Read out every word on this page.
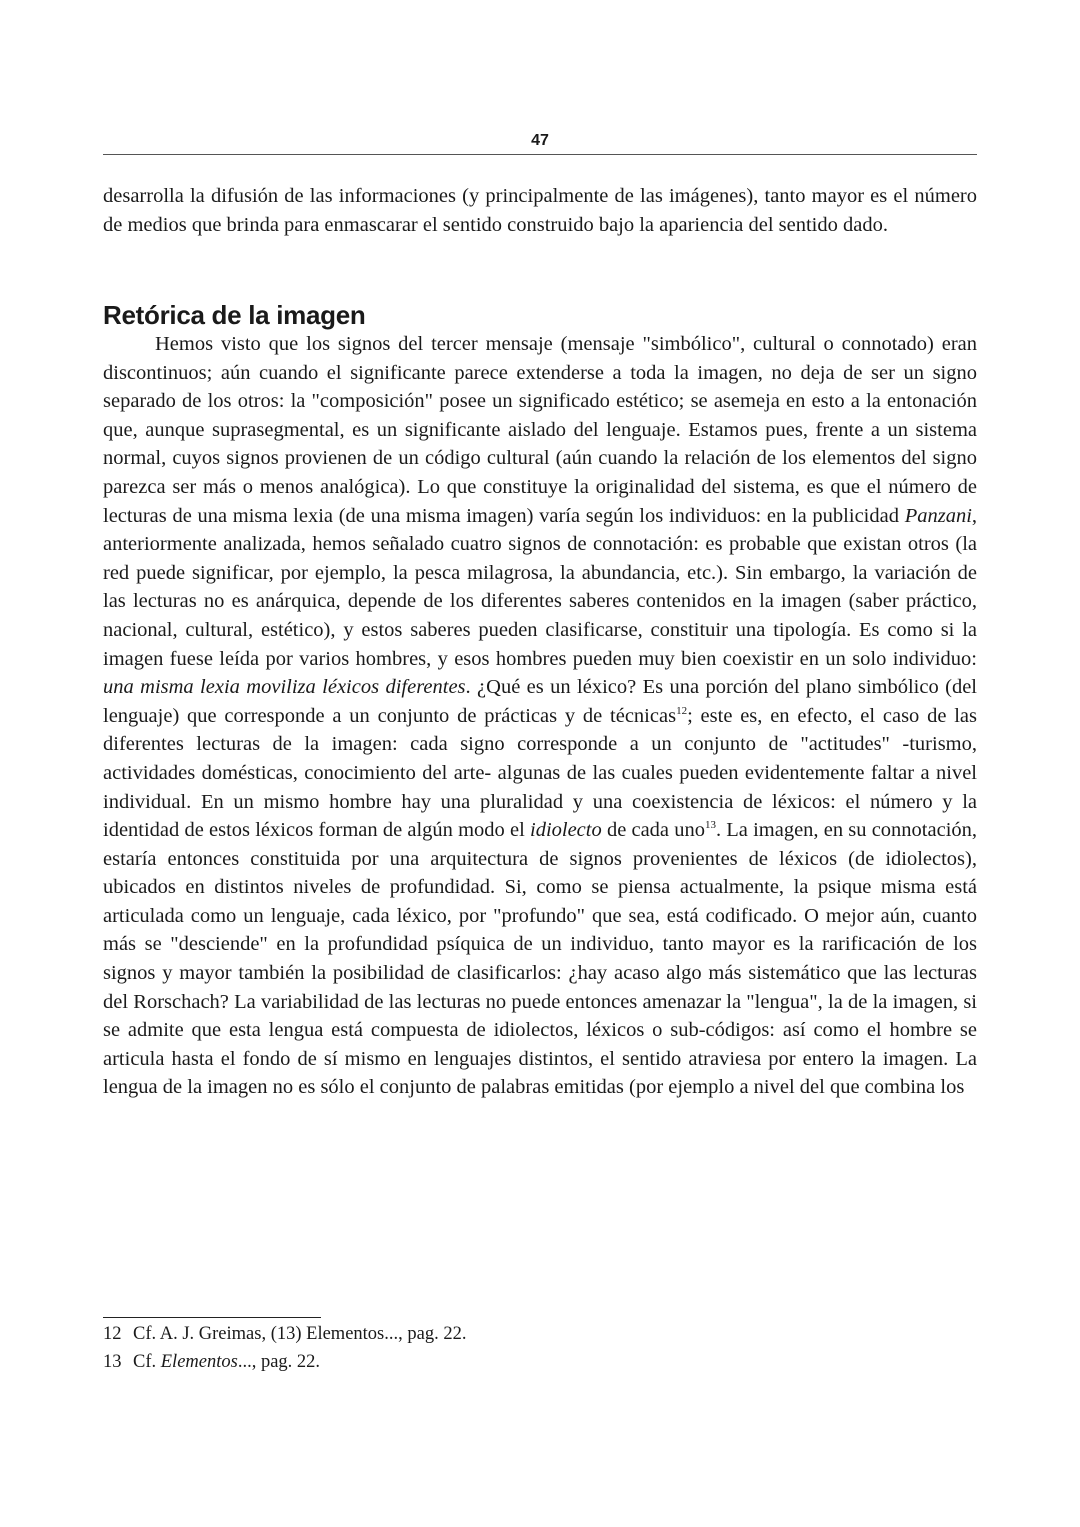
47

desarrolla la difusión de las informaciones (y principalmente de las imágenes), tanto mayor es el número de medios que brinda para enmascarar el sentido construido bajo la apariencia del sentido dado.

Retórica de la imagen

Hemos visto que los signos del tercer mensaje (mensaje "simbólico", cultural o connotado) eran discontinuos; aún cuando el significante parece extenderse a toda la imagen, no deja de ser un signo separado de los otros: la "composición" posee un significado estético; se asemeja en esto a la entonación que, aunque suprasegmental, es un significante aislado del lenguaje. Estamos pues, frente a un sistema normal, cuyos signos provienen de un código cultural (aún cuando la relación de los elementos del signo parezca ser más o menos analógica). Lo que constituye la originalidad del sistema, es que el número de lecturas de una misma lexia (de una misma imagen) varía según los individuos: en la publicidad Panzani, anteriormente analizada, hemos señalado cuatro signos de connotación: es probable que existan otros (la red puede significar, por ejemplo, la pesca milagrosa, la abundancia, etc.). Sin embargo, la variación de las lecturas no es anárquica, depende de los diferentes saberes contenidos en la imagen (saber práctico, nacional, cultural, estético), y estos saberes pueden clasificarse, constituir una tipología. Es como si la imagen fuese leída por varios hombres, y esos hombres pueden muy bien coexistir en un solo individuo: una misma lexia moviliza léxicos diferentes. ¿Qué es un léxico? Es una porción del plano simbólico (del lenguaje) que corresponde a un conjunto de prácticas y de técnicas$^{12}$; este es, en efecto, el caso de las diferentes lecturas de la imagen: cada signo corresponde a un conjunto de "actitudes" -turismo, actividades domésticas, conocimiento del arte- algunas de las cuales pueden evidentemente faltar a nivel individual. En un mismo hombre hay una pluralidad y una coexistencia de léxicos: el número y la identidad de estos léxicos forman de algún modo el idiolecto de cada uno$^{13}$. La imagen, en su connotación, estaría entonces constituida por una arquitectura de signos provenientes de léxicos (de idiolectos), ubicados en distintos niveles de profundidad. Si, como se piensa actualmente, la psique misma está articulada como un lenguaje, cada léxico, por "profundo" que sea, está codificado. O mejor aún, cuanto más se "desciende" en la profundidad psíquica de un individuo, tanto mayor es la rarificación de los signos y mayor también la posibilidad de clasificarlos: ¿hay acaso algo más sistemático que las lecturas del Rorschach? La variabilidad de las lecturas no puede entonces amenazar la "lengua", la de la imagen, si se admite que esta lengua está compuesta de idiolectos, léxicos o sub-códigos: así como el hombre se articula hasta el fondo de sí mismo en lenguajes distintos, el sentido atraviesa por entero la imagen. La lengua de la imagen no es sólo el conjunto de palabras emitidas (por ejemplo a nivel del que combina los

12 Cf. A. J. Greimas, (13) Elementos..., pag. 22.

13 Cf. Elementos..., pag. 22.
